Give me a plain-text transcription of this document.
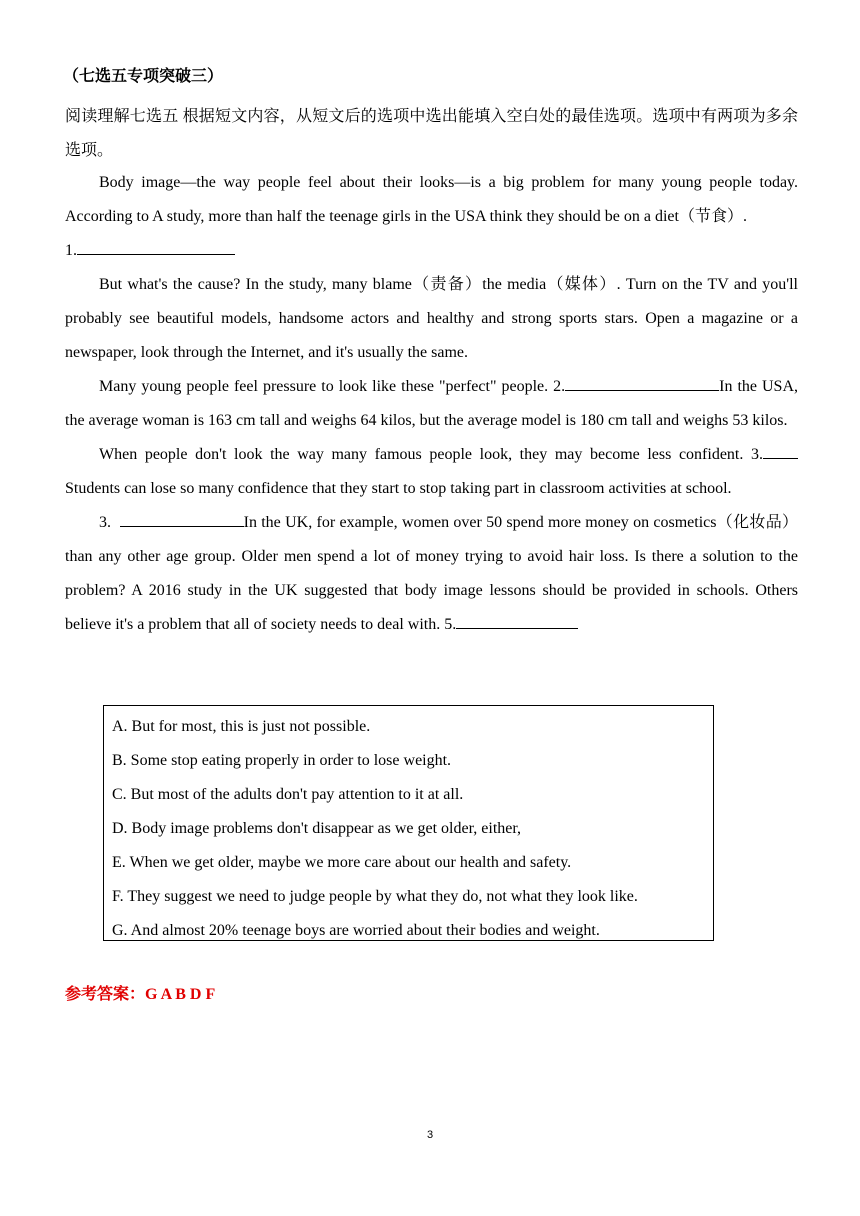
（七选五专项突破三）
阅读理解七选五 根据短文内容，从短文后的选项中选出能填入空白处的最佳选项。选项中有两项为多余选项。

Body image—the way people feel about their looks—is a big problem for many young people today. According to A study, more than half the teenage girls in the USA think they should be on a diet（节食）.

1.

But what's the cause? In the study, many blame（责备）the media（媒体）. Turn on the TV and you'll probably see beautiful models, handsome actors and healthy and strong sports stars. Open a magazine or a newspaper, look through the Internet, and it's usually the same.

Many young people feel pressure to look like these "perfect" people. 2.	In the USA, the average woman is 163 cm tall and weighs 64 kilos, but the average model is 180 cm tall and weighs 53 kilos.

When people don't look the way many famous people look, they may become less confident. 3. Students can lose so many confidence that they start to stop taking part in classroom activities at school.

3.	In the UK, for example, women over 50 spend more money on cosmetics（化妆品）than any other age group. Older men spend a lot of money trying to avoid hair loss. Is there a solution to the problem? A 2016 study in the UK suggested that body image lessons should be provided in schools. Others believe it's a problem that all of society needs to deal with. 5.

A. But for most, this is just not possible.
B. Some stop eating properly in order to lose weight.
C. But most of the adults don't pay attention to it at all.
D. Body image problems don't disappear as we get older, either,
E. When we get older, maybe we more care about our health and safety.
F. They suggest we need to judge people by what they do, not what they look like.
G. And almost 20% teenage boys are worried about their bodies and weight.
参考答案：G A B D F
3
